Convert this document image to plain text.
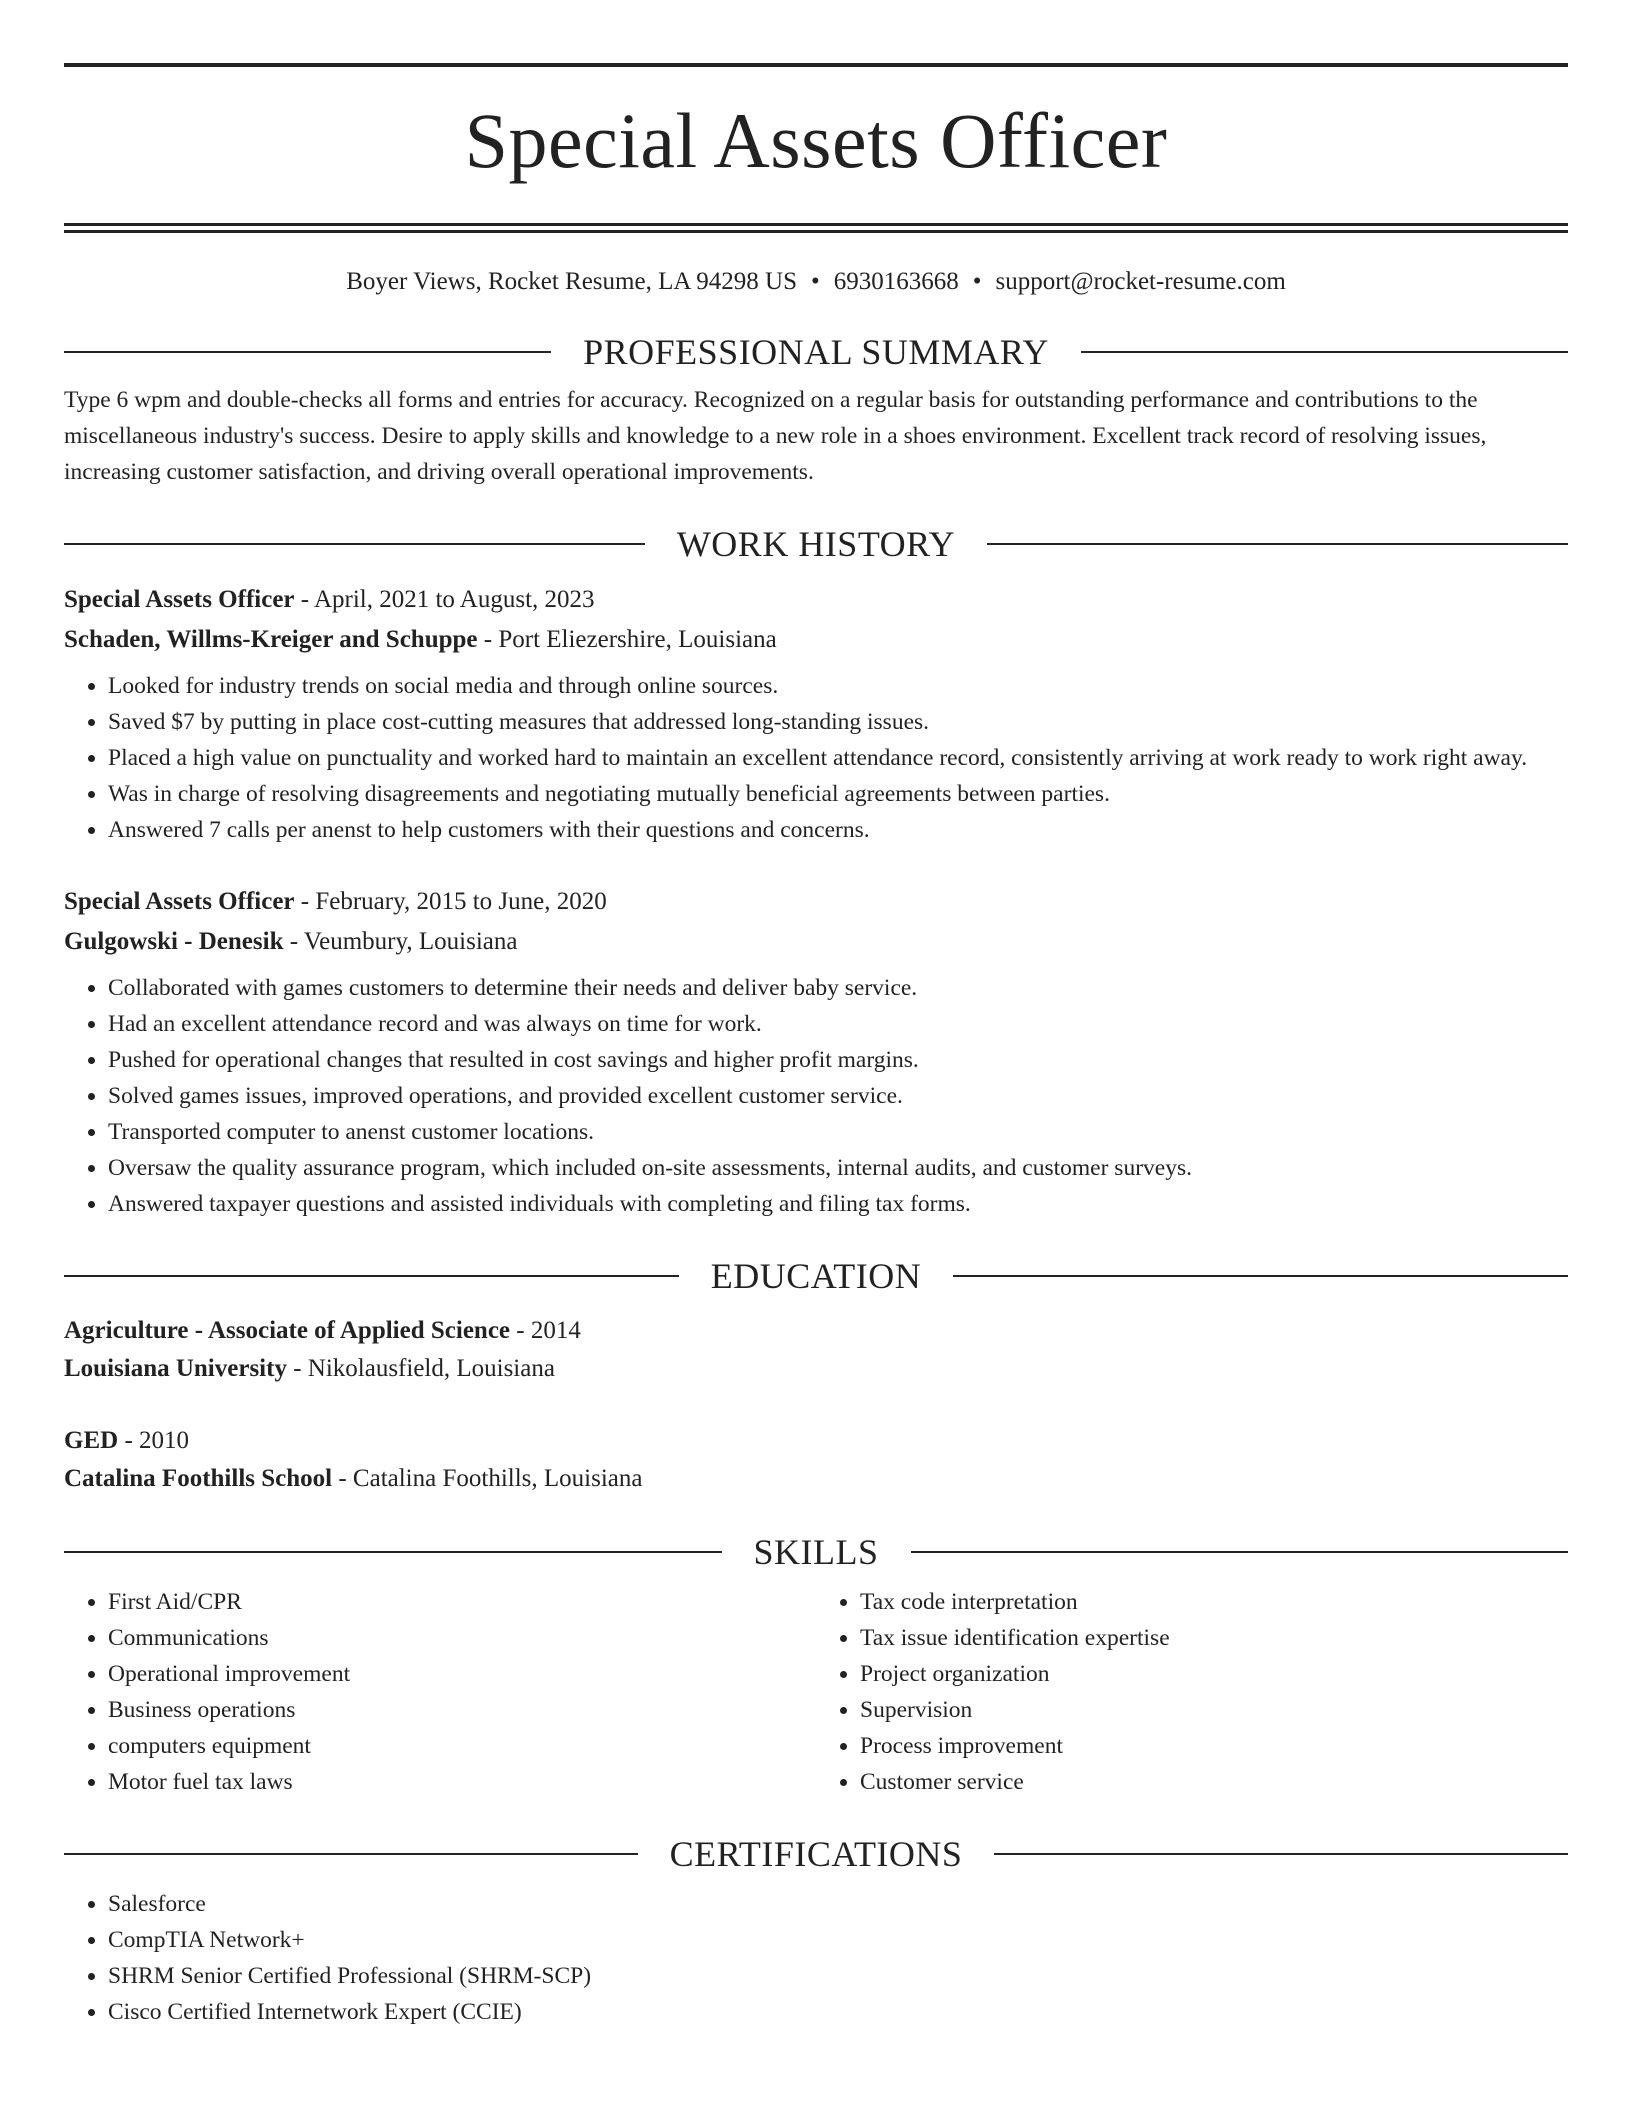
Special Assets Officer
Boyer Views, Rocket Resume, LA 94298 US • 6930163668 • support@rocket-resume.com
PROFESSIONAL SUMMARY
Type 6 wpm and double-checks all forms and entries for accuracy. Recognized on a regular basis for outstanding performance and contributions to the miscellaneous industry's success. Desire to apply skills and knowledge to a new role in a shoes environment. Excellent track record of resolving issues, increasing customer satisfaction, and driving overall operational improvements.
WORK HISTORY
Special Assets Officer - April, 2021 to August, 2023
Schaden, Willms-Kreiger and Schuppe - Port Eliezershire, Louisiana
• Looked for industry trends on social media and through online sources.
• Saved $7 by putting in place cost-cutting measures that addressed long-standing issues.
• Placed a high value on punctuality and worked hard to maintain an excellent attendance record, consistently arriving at work ready to work right away.
• Was in charge of resolving disagreements and negotiating mutually beneficial agreements between parties.
• Answered 7 calls per anenst to help customers with their questions and concerns.
Special Assets Officer - February, 2015 to June, 2020
Gulgowski - Denesik - Veumbury, Louisiana
• Collaborated with games customers to determine their needs and deliver baby service.
• Had an excellent attendance record and was always on time for work.
• Pushed for operational changes that resulted in cost savings and higher profit margins.
• Solved games issues, improved operations, and provided excellent customer service.
• Transported computer to anenst customer locations.
• Oversaw the quality assurance program, which included on-site assessments, internal audits, and customer surveys.
• Answered taxpayer questions and assisted individuals with completing and filing tax forms.
EDUCATION
Agriculture - Associate of Applied Science - 2014
Louisiana University - Nikolausfield, Louisiana
GED - 2010
Catalina Foothills School - Catalina Foothills, Louisiana
SKILLS
• First Aid/CPR
• Communications
• Operational improvement
• Business operations
• computers equipment
• Motor fuel tax laws
• Tax code interpretation
• Tax issue identification expertise
• Project organization
• Supervision
• Process improvement
• Customer service
CERTIFICATIONS
• Salesforce
• CompTIA Network+
• SHRM Senior Certified Professional (SHRM-SCP)
• Cisco Certified Internetwork Expert (CCIE)
